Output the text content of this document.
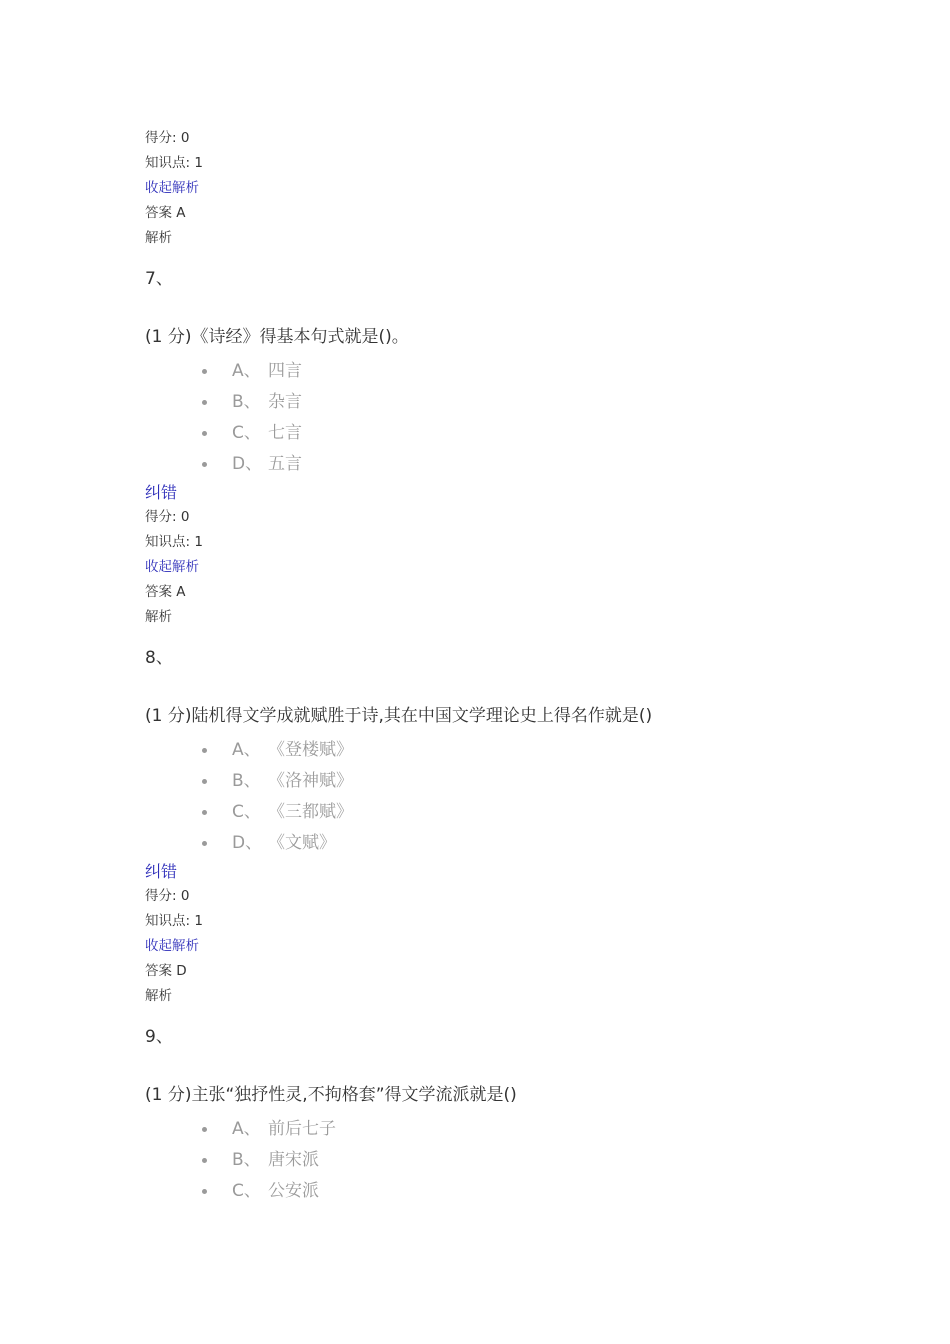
得分: 0
知识点: 1
收起解析
答案 A
解析
7、
(1 分)《诗经》得基本句式就是()。
A、 四言
B、 杂言
C、 七言
D、 五言
纠错
得分: 0
知识点: 1
收起解析
答案 A
解析
8、
(1 分)陆机得文学成就赋胜于诗,其在中国文学理论史上得名作就是()
A、 《登楼赋》
B、 《洛神赋》
C、 《三都赋》
D、 《文赋》
纠错
得分: 0
知识点: 1
收起解析
答案 D
解析
9、
(1 分)主张“独抒性灵,不拘格套”得文学流派就是()
A、 前后七子
B、 唐宋派
C、 公安派
